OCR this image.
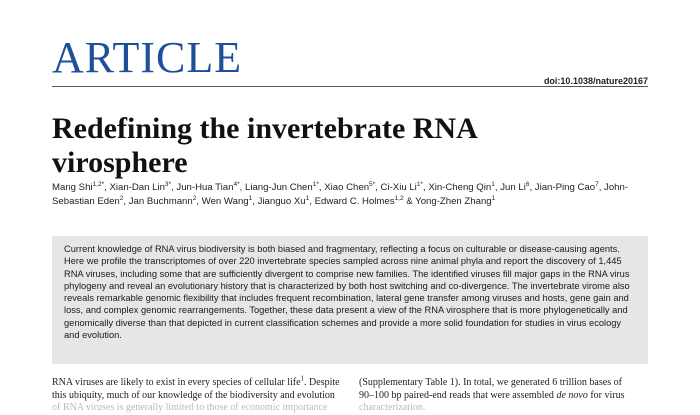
ARTICLE	doi:10.1038/nature20167
Redefining the invertebrate RNA virosphere
Mang Shi$^{1,2*}$, Xian-Dan Lin$^{3*}$, Jun-Hua Tian$^{4*}$, Liang-Jun Chen$^{1*}$, Xiao Chen$^{5*}$, Ci-Xiu $Li^{1*}$, Xin-Cheng Qin$^1$, Jun Li$^6$, Jian-Ping Cao$^7$, John-Sebastian Eden$^2$, Jan Buchmann$^2$, Wen Wang$^1$, Jianguo Xu$^1$, Edward C. Holmes$^{1,2}$ & Yong-Zhen Zhang$^1$

Current knowledge of RNA virus biodiversity is both biased and fragmentary, reflecting a focus on culturable or disease-causing agents. Here we profile the transcriptomes of over 220 invertebrate species sampled across nine animal phyla and report the discovery of 1,445 RNA viruses, including some that are sufficiently divergent to comprise new families. The identified viruses fill major gaps in the RNA virus phylogeny and reveal an evolutionary history that is characterized by both host switching and co-divergence. The invertebrate virome also reveals remarkable genomic flexibility that includes frequent recombination, lateral gene transfer among viruses and hosts, gene gain and loss, and complex genomic rearrangements. Together, these data present a view of the RNA virosphere that is more phylogenetically and genomically diverse than that depicted in current classification schemes and provide a more solid foundation for studies in virus ecology and evolution.

RNA viruses are likely to exist in every species of cellular life$^1$. Despite
this ubiquity, much of our knowledge of the biodiversity and evolution
of RNA viruses is generally limited to those of economic importance
(Supplementary Table 1). In total, we generated 6 trillion bases of
90–100 bp paired-end reads that were assembled de novo for virus
characterization.
